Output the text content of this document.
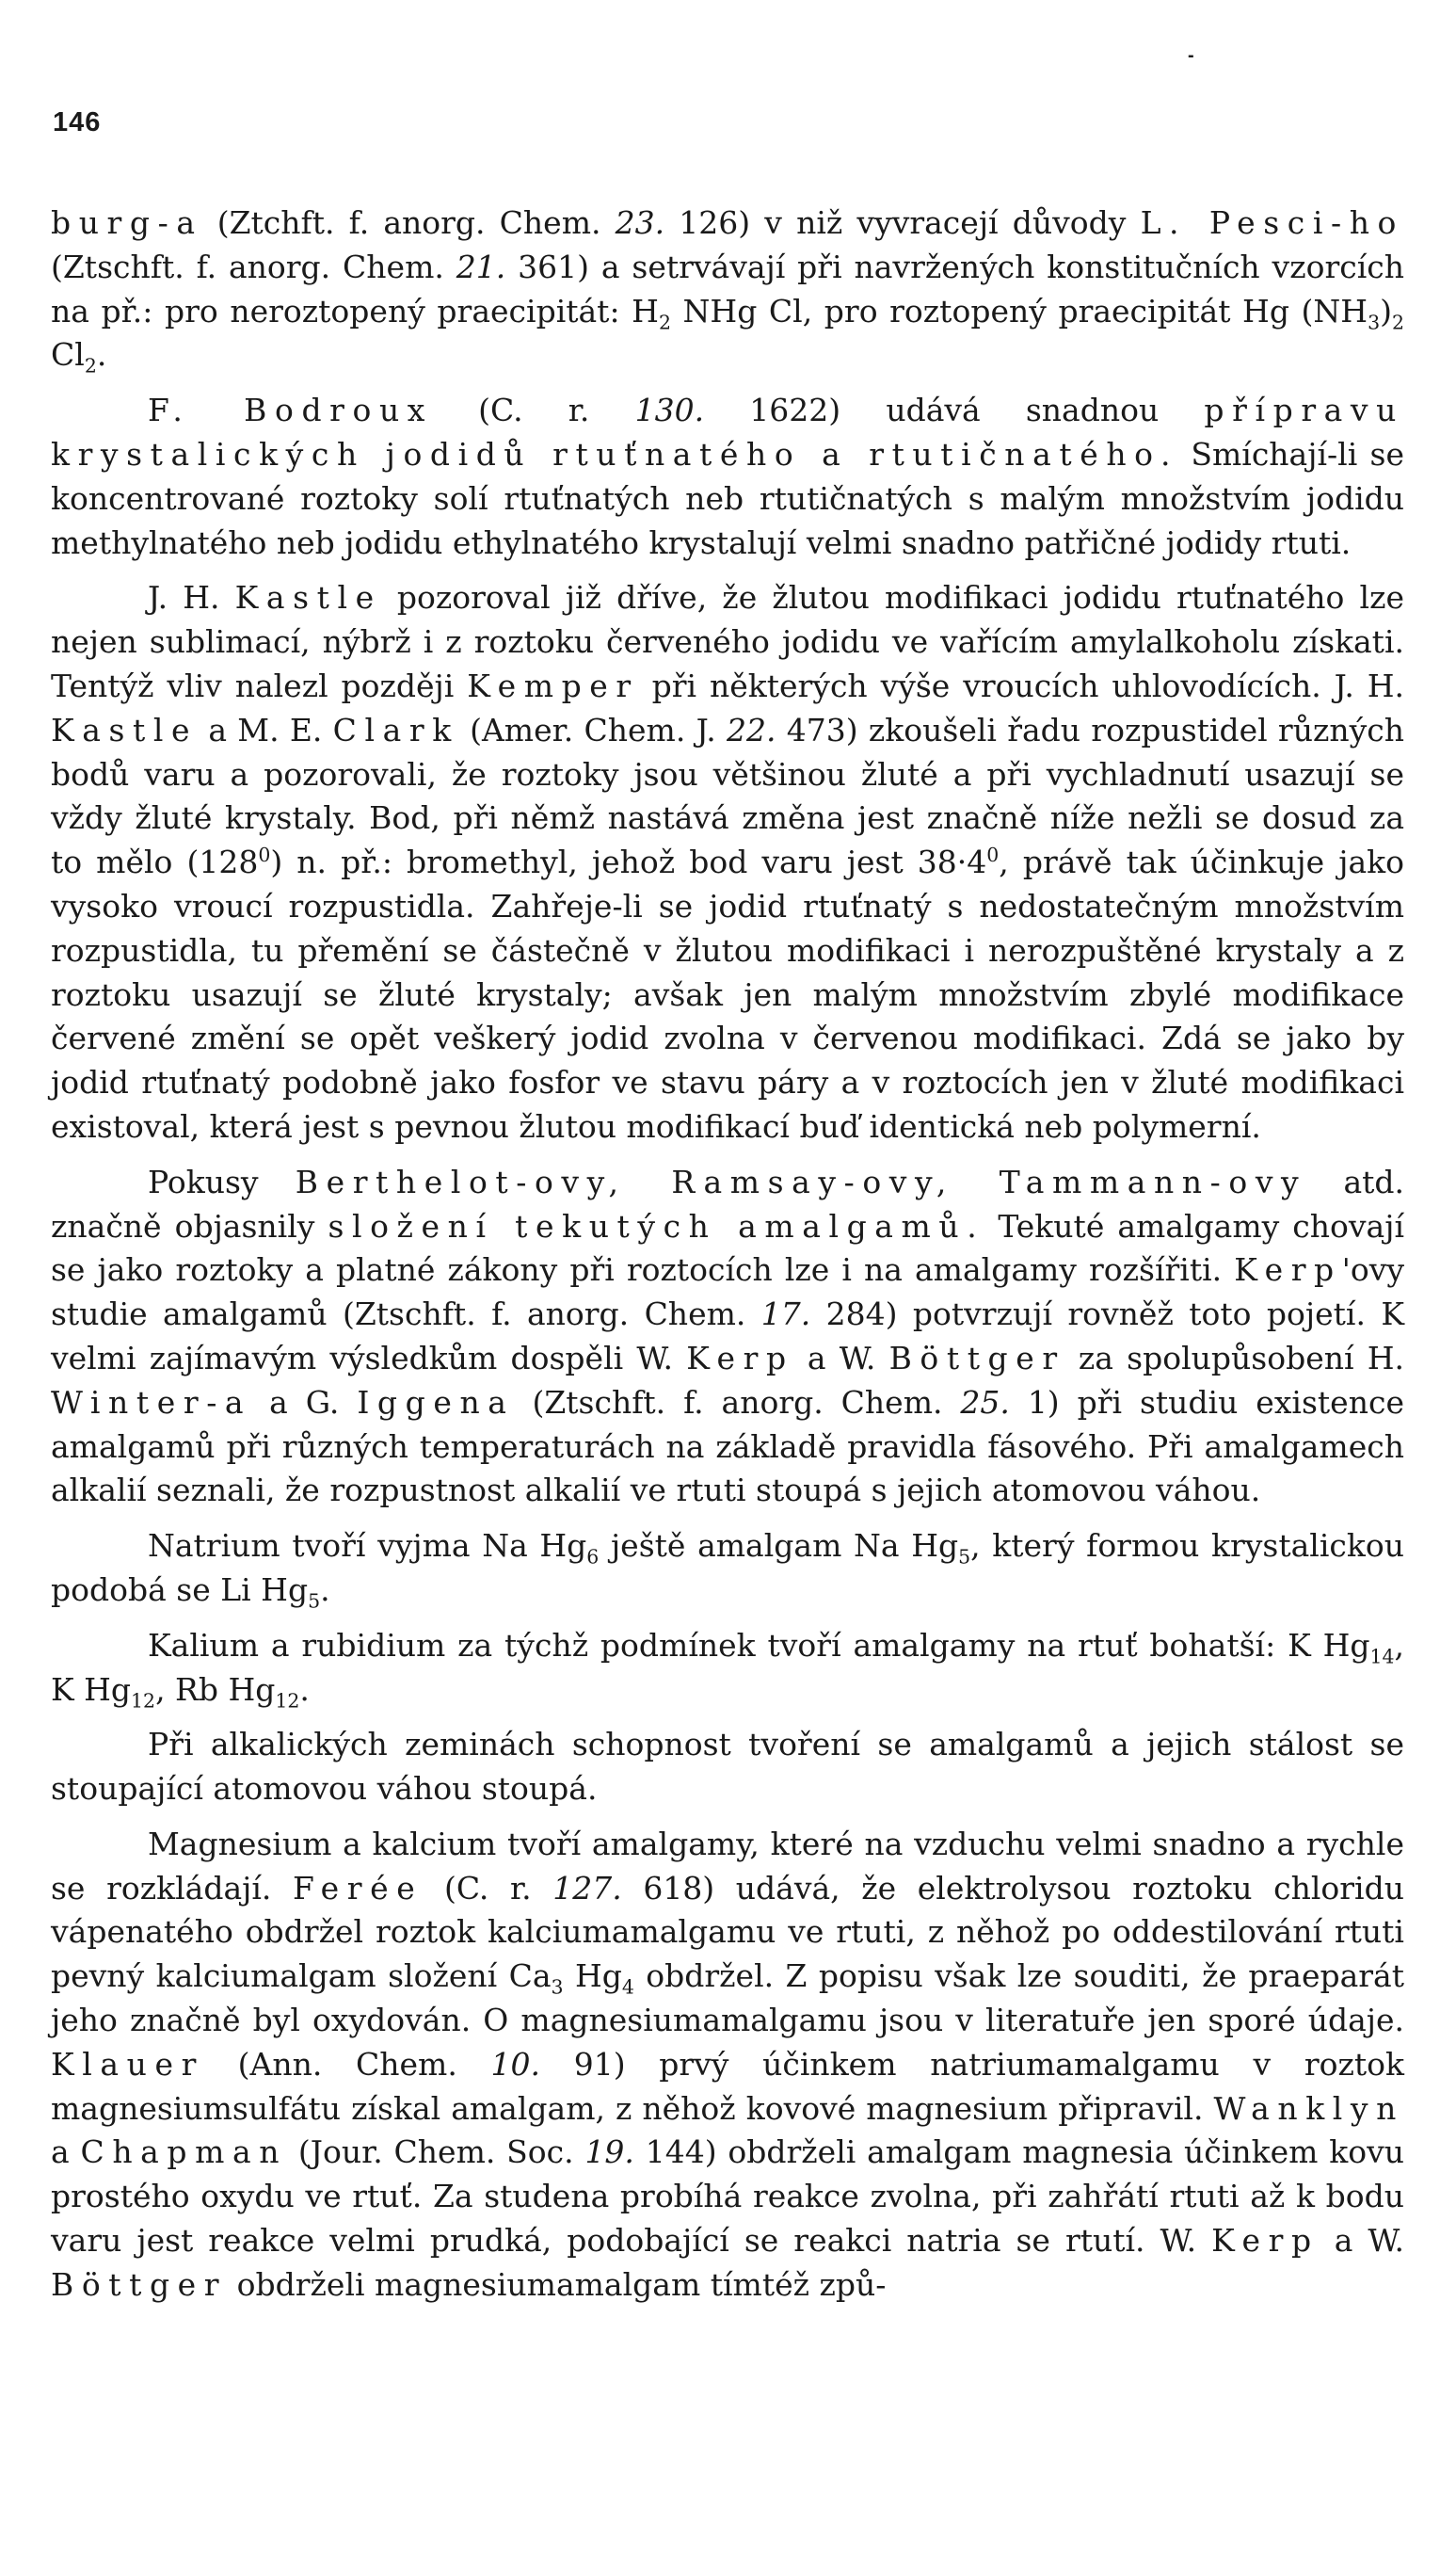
-
146

burg-a (Ztchft. f. anorg. Chem. 23. 126) v niž vyvracejí důvody L. Pesci-ho (Ztschft. f. anorg. Chem. 21. 361) a setrvávají při navržených konstitučních vzorcích na př.: pro neroztopený praecipitát: $H_2$ NHg Cl, pro roztopený praecipitát Hg $(NH_3)_2$ $Cl_2$.

F. Bodroux (C. r. 130. 1622) udává snadnou přípravu krystalických jodidů rtuťnatého a rtutičnatého. Smíchají-li se koncentrované roztoky solí rtuťnatých neb rtutičnatých s malým množstvím jodidu methylnatého neb jodidu ethylnatého krystalují velmi snadno patřičné jodidy rtuti.

J. H. Kastle pozoroval již dříve, že žlutou modifikaci jodidu rtuťnatého lze nejen sublimací, nýbrž i z roztoku červeného jodidu ve vařícím amylalkoholu získati. Tentýž vliv nalezl později Kemper při některých výše vroucích uhlovodících. J. H. Kastle a M. E. Clark (Amer. Chem. J. 22. 473) zkoušeli řadu rozpustidel různých bodů varu a pozorovali, že roztoky jsou většinou žluté a při vychladnutí usazují se vždy žluté krystaly. Bod, při němž nastává změna jest značně níže nežli se dosud za to mělo $(128^0)$ n. př.: bromethyl, jehož bod varu jest $38\cdot 4^0$, právě tak účinkuje jako vysoko vroucí rozpustidla. Zahřeje-li se jodid rtuťnatý s nedostatečným množstvím rozpustidla, tu přemění se částečně v žlutou modifikaci i nerozpuštěné krystaly a z roztoku usazují se žluté krystaly; avšak jen malým množstvím zbylé modifikace červené změní se opět veškerý jodid zvolna v červenou modifikaci. Zdá se jako by jodid rtuťnatý podobně jako fosfor ve stavu páry a v roztocích jen v žluté modifikaci existoval, která jest s pevnou žlutou modifikací buď identická neb polymerní.

Pokusy Berthelot-ovy, Ramsay-ovy, Tammann-ovy atd. značně objasnily složení tekutých amalgamů. Tekuté amalgamy chovají se jako roztoky a platné zákony při roztocích lze i na amalgamy rozšířiti. Kerp'ovy studie amalgamů (Ztschft. f. anorg. Chem. 17. 284) potvrzují rovněž toto pojetí. K velmi zajímavým výsledkům dospěli W. Kerp a W. Böttger za spolupůsobení H. Winter-a a G. Iggena (Ztschft. f. anorg. Chem. 25. 1) při studiu existence amalgamů při různých temperaturách na základě pravidla fásového. Při amalgamech alkalií seznali, že rozpustnost alkalií ve rtuti stoupá s jejich atomovou váhou.

Natrium tvoří vyjma Na $Hg_6$ ještě amalgam Na $Hg_5$, který formou krystalickou podobá se Li $Hg_5$.

Kalium a rubidium za týchž podmínek tvoří amalgamy na rtuť bohatší: K $Hg_{14}$, K $Hg_{12}$, Rb $Hg_{12}$.

Při alkalických zeminách schopnost tvoření se amalgamů a jejich stálost se stoupající atomovou váhou stoupá.

Magnesium a kalcium tvoří amalgamy, které na vzduchu velmi snadno a rychle se rozkládají. Ferée (C. r. 127. 618) udává, že elektrolysou roztoku chloridu vápenatého obdržel roztok kalciumamalgamu ve rtuti, z něhož po oddestilování rtuti pevný kalciumalgam složení $Ca_3$ $Hg_4$ obdržel. Z popisu však lze souditi, že praeparát jeho značně byl oxydován. O magnesiumamalgamu jsou v literatuře jen sporé údaje. Klauer (Ann. Chem. 10. 91) prvý účinkem natriumamalgamu v roztok magnesiumsulfátu získal amalgam, z něhož kovové magnesium připravil. Wanklyn a Chapman (Jour. Chem. Soc. 19. 144) obdrželi amalgam magnesia účinkem kovu prostého oxydu ve rtuť. Za studena probíhá reakce zvolna, při zahřátí rtuti až k bodu varu jest reakce velmi prudká, podobající se reakci natria se rtutí. W. Kerp a W. Böttger obdrželi magnesiumamalgam tímtéž způ-
